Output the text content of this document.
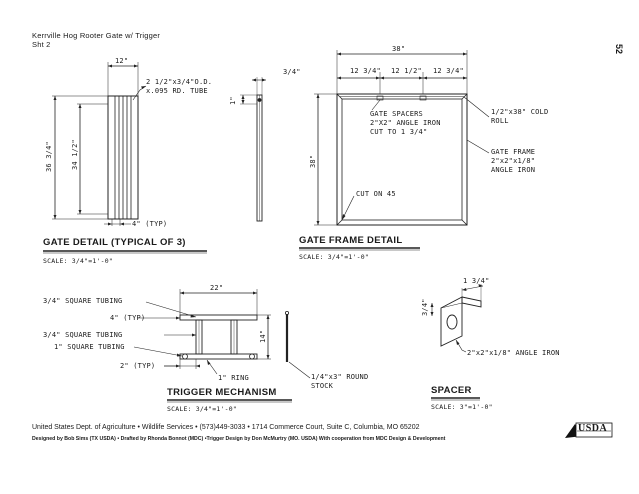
Kerrville Hog Rooter Gate w/ Trigger
Sht 2	52
12"
2 1/2"x3/4"O.D.
x.095 RD. TUBE
36 3/4"	34 1/2"
4" (TYP)
3/4"
1"
GATE DETAIL (TYPICAL OF 3)
SCALE: 3/4"=1'-0"
38"
12 3/4" 12 1/2" 12 3/4"
38"
GATE SPACERS
2"X2" ANGLE IRON
CUT TO 1 3/4"
CUT ON 45
1/2"x38" COLD
ROLL
GATE FRAME
2"x2"x1/8"
ANGLE IRON
GATE FRAME DETAIL
SCALE: 3/4"=1'-0"
22"
14"
3/4" SQUARE TUBING
4" (TYP)
3/4" SQUARE TUBING
1" SQUARE TUBING
2" (TYP)
1" RING	1/4"x3" ROUND
STOCK
TRIGGER MECHANISM
SCALE: 3/4"=1'-0"
1 3/4"
3/4"
2"x2"x1/8" ANGLE IRON
SPACER
SCALE: 3"=1'-0"
United States Dept. of Agriculture • Wildlife Services • (573)449-3033 • 1714 Commerce Court, Suite C, Columbia, MO 65202
Designed by Bob Sims (TX USDA) • Drafted by Rhonda Bonnot (MDC) •Trigger Design by Don McMurtry (MO. USDA) With cooperation from MDC Design & Development
USDA
